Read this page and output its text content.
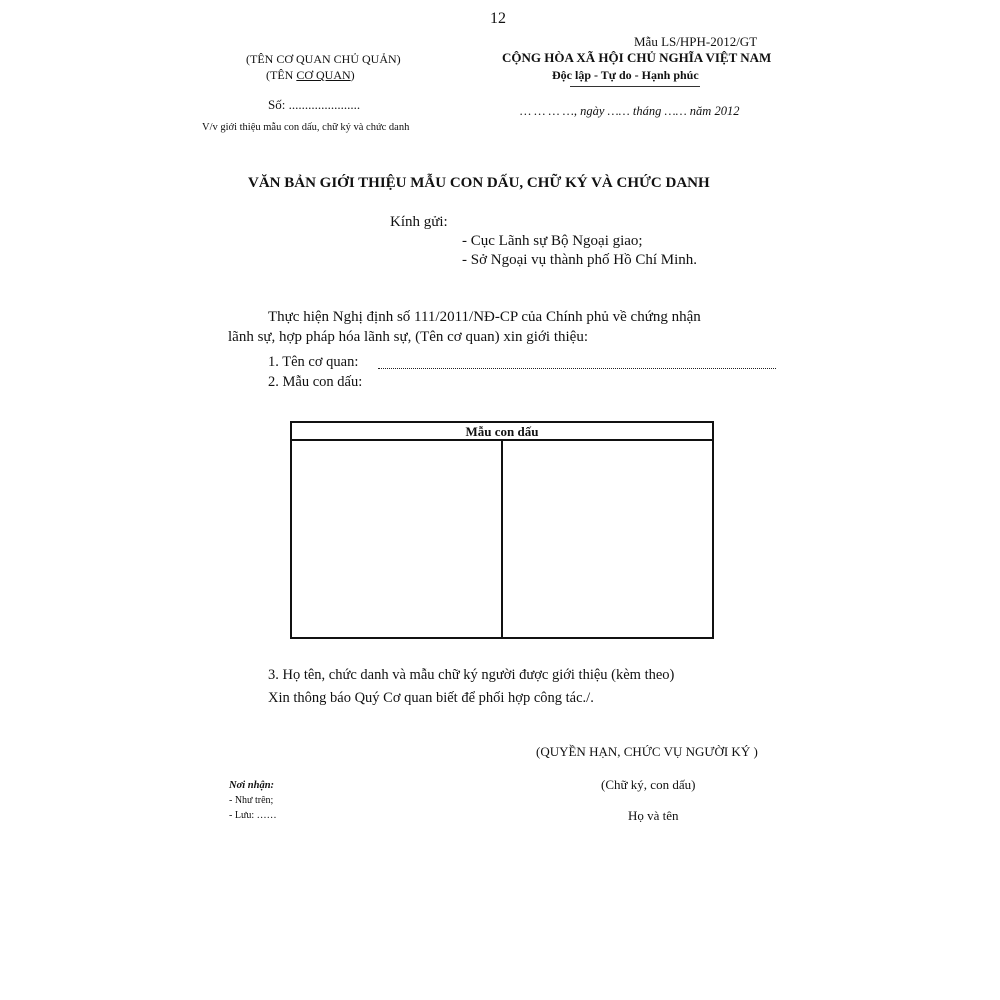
12
Mẫu LS/HPH-2012/GT
(TÊN CƠ QUAN CHỦ QUẢN)
(TÊN CƠ QUAN)
Số: ......................
V/v giới thiệu mẫu con dấu, chữ ký và chức danh
CỘNG HÒA XÃ HỘI CHỦ NGHĨA VIỆT NAM
Độc lập - Tự do - Hạnh phúc
… … … …, ngày …… tháng …… năm 2012
VĂN BẢN GIỚI THIỆU MẪU CON DẤU, CHỮ KÝ VÀ CHỨC DANH
Kính gửi:
- Cục Lãnh sự Bộ Ngoại giao;
- Sở Ngoại vụ thành phố Hồ Chí Minh.
Thực hiện Nghị định số 111/2011/NĐ-CP của Chính phủ về chứng nhận
lãnh sự, hợp pháp hóa lãnh sự, (Tên cơ quan) xin giới thiệu:
1. Tên cơ quan:
2. Mẫu con dấu:
Mẫu con dấu
3. Họ tên, chức danh và mẫu chữ ký người được giới thiệu (kèm theo)
Xin thông báo Quý Cơ quan biết để phối hợp công tác./.
(QUYỀN HẠN, CHỨC VỤ NGƯỜI KÝ )
(Chữ ký, con dấu)
Họ và tên
Nơi nhận:
- Như trên;
- Lưu: ……
